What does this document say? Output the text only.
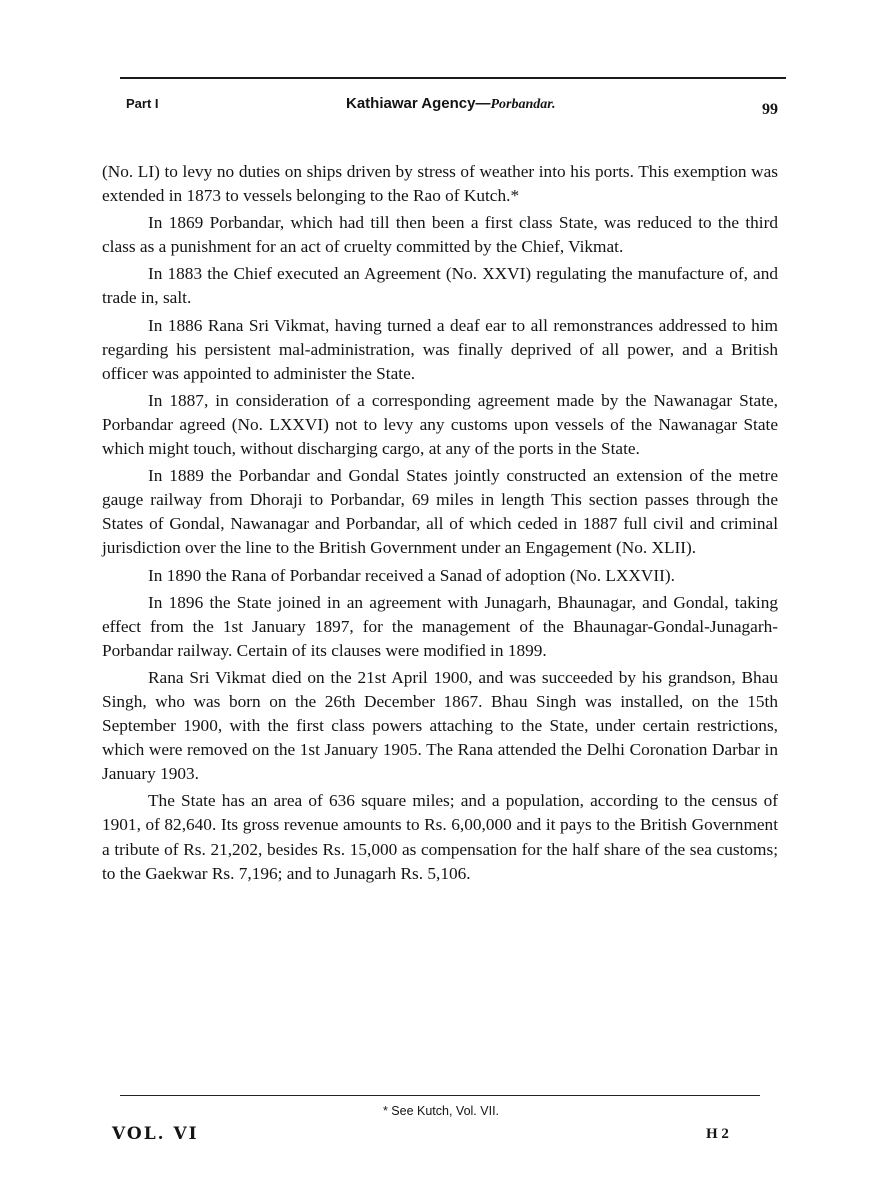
Part I	Kathiawar Agency—Porbandar.	99

(No. LI) to levy no duties on ships driven by stress of weather into his ports. This exemption was extended in 1873 to vessels belonging to the Rao of Kutch.*

In 1869 Porbandar, which had till then been a first class State, was reduced to the third class as a punishment for an act of cruelty committed by the Chief, Vikmat.

In 1883 the Chief executed an Agreement (No. XXVI) regulating the manufacture of, and trade in, salt.

In 1886 Rana Sri Vikmat, having turned a deaf ear to all remonstrances addressed to him regarding his persistent mal-administration, was finally deprived of all power, and a British officer was appointed to administer the State.

In 1887, in consideration of a corresponding agreement made by the Nawanagar State, Porbandar agreed (No. LXXVI) not to levy any customs upon vessels of the Nawanagar State which might touch, without discharging cargo, at any of the ports in the State.

In 1889 the Porbandar and Gondal States jointly constructed an extension of the metre gauge railway from Dhoraji to Porbandar, 69 miles in length This section passes through the States of Gondal, Nawanagar and Porbandar, all of which ceded in 1887 full civil and criminal jurisdiction over the line to the British Government under an Engagement (No. XLII).

In 1890 the Rana of Porbandar received a Sanad of adoption (No. LXXVII).

In 1896 the State joined in an agreement with Junagarh, Bhaunagar, and Gondal, taking effect from the 1st January 1897, for the management of the Bhaunagar-Gondal-Junagarh-Porbandar railway. Certain of its clauses were modified in 1899.

Rana Sri Vikmat died on the 21st April 1900, and was succeeded by his grandson, Bhau Singh, who was born on the 26th December 1867. Bhau Singh was installed, on the 15th September 1900, with the first class powers attaching to the State, under certain restrictions, which were removed on the 1st January 1905. The Rana attended the Delhi Coronation Darbar in January 1903.

The State has an area of 636 square miles; and a population, according to the census of 1901, of 82,640. Its gross revenue amounts to Rs. 6,00,000 and it pays to the British Government a tribute of Rs. 21,202, besides Rs. 15,000 as compensation for the half share of the sea customs; to the Gaekwar Rs. 7,196; and to Junagarh Rs. 5,106.

* See Kutch, Vol. VII.
VOL. VI	H 2
